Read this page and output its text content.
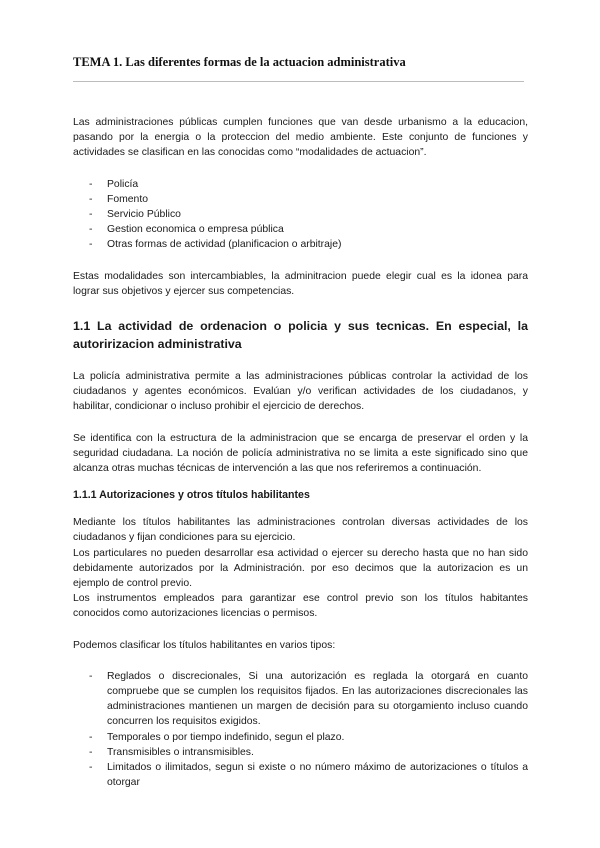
TEMA 1. Las diferentes formas de la actuacion administrativa

Las administraciones públicas cumplen funciones que van desde urbanismo a la educacion, pasando por la energia o la proteccion del medio ambiente. Este conjunto de funciones y actividades se clasifican en las conocidas como “modalidades de actuacion”.

- Policía
- Fomento
- Servicio Público
- Gestion economica o empresa pública
- Otras formas de actividad (planificacion o arbitraje)

Estas modalidades son intercambiables, la adminitracion puede elegir cual es la idonea para lograr sus objetivos y ejercer sus competencias.

1.1 La actividad de ordenacion o policia y sus tecnicas. En especial, la autoririzacion administrativa

La policía administrativa permite a las administraciones públicas controlar la actividad de los ciudadanos y agentes económicos. Evalúan y/o verifican actividades de los ciudadanos, y habilitar, condicionar o incluso prohibir el ejercicio de derechos.

Se identifica con la estructura de la administracion que se encarga de preservar el orden y la seguridad ciudadana. La noción de policía administrativa no se limita a este significado sino que alcanza otras muchas técnicas de intervención a las que nos referiremos a continuación.

1.1.1 Autorizaciones y otros títulos habilitantes

Mediante los títulos habilitantes las administraciones controlan diversas actividades de los ciudadanos y fijan condiciones para su ejercicio.

Los particulares no pueden desarrollar esa actividad o ejercer su derecho hasta que no han sido debidamente autorizados por la Administración. por eso decimos que la autorizacion es un ejemplo de control previo.

Los instrumentos empleados para garantizar ese control previo son los títulos habitantes conocidos como autorizaciones licencias o permisos.

Podemos clasificar los títulos habilitantes en varios tipos:

- Reglados o discrecionales, Si una autorización es reglada la otorgará en cuanto compruebe que se cumplen los requisitos fijados. En las autorizaciones discrecionales las administraciones mantienen un margen de decisión para su otorgamiento incluso cuando concurren los requisitos exigidos.
- Temporales o por tiempo indefinido, segun el plazo.
- Transmisibles o intransmisibles.
- Limitados o ilimitados, segun si existe o no número máximo de autorizaciones o títulos a otorgar
